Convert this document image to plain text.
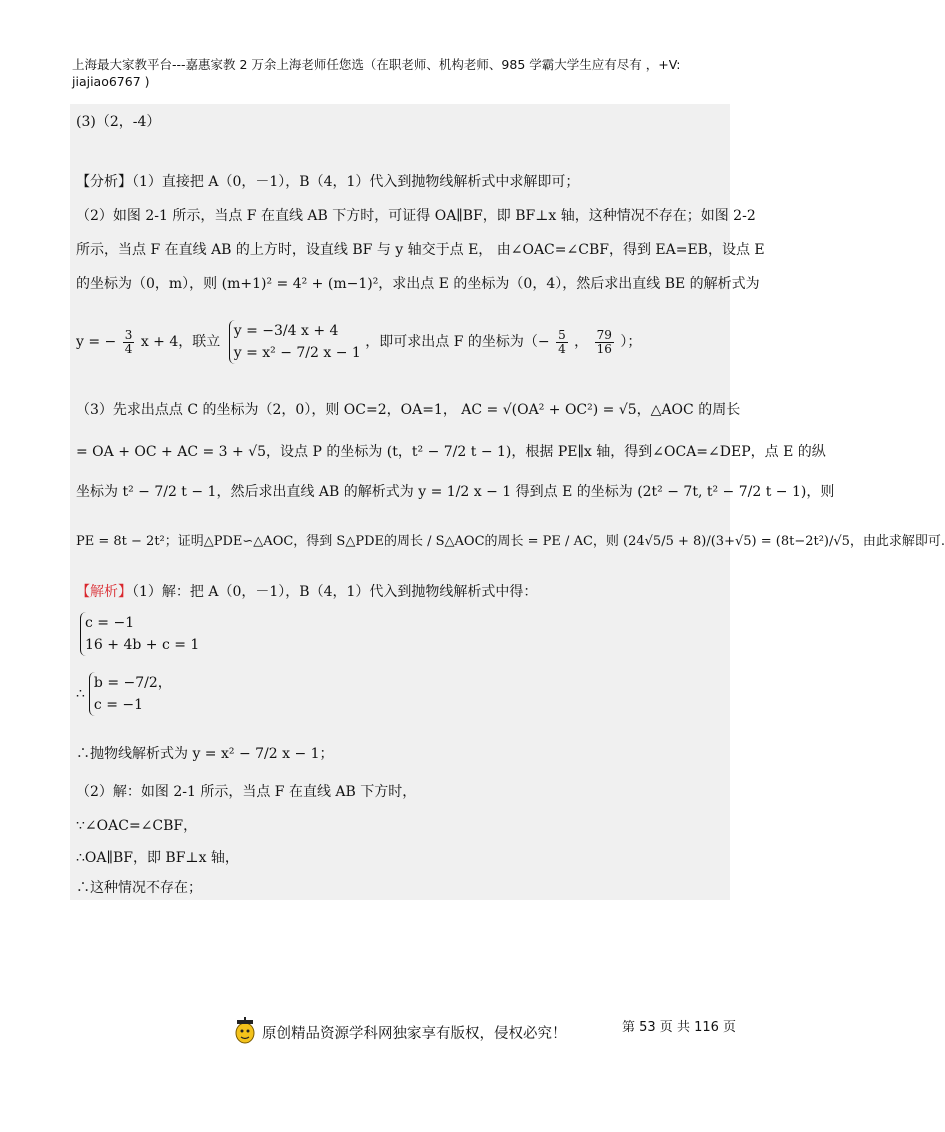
上海最大家教平台---嘉惠家教 2 万余上海老师任您选（在职老师、机构老师、985 学霸大学生应有尽有 ，+V:
jiajiao6767 )
(3)（2，-4）
【分析】（1）直接把 A（0，－1），B（4，1）代入到抛物线解析式中求解即可；
（2）如图 2-1 所示，当点 F 在直线 AB 下方时，可证得 OA∥BF，即 BF⊥x 轴，这种情况不存在；如图 2-2
所示，当点 F 在直线 AB 的上方时，设直线 BF 与 y 轴交于点 E， 由∠OAC=∠CBF，得到 EA=EB，设点 E
的坐标为（0，m），则 (m+1)² = 4² + (m−1)²，求出点 E 的坐标为（0，4），然后求出直线 BE 的解析式为
y = − $\frac{3}{4}$ x + 4，联立
y = −3/4 x + 4
y = x² − 7/2 x − 1
，即可求出点 F 的坐标为（− $\frac{5}{4}$ ， $\frac{79}{16}$ ）；
（3）先求出点点 C 的坐标为（2，0），则 OC=2，OA=1， AC = √(OA² + OC²) = √5，△AOC 的周长
= OA + OC + AC = 3 + √5，设点 P 的坐标为 (t，t² − 7/2 t − 1)，根据 PE∥x 轴，得到∠OCA=∠DEP，点 E 的纵
坐标为 t² − 7/2 t − 1，然后求出直线 AB 的解析式为 y = 1/2 x − 1 得到点 E 的坐标为 (2t² − 7t, t² − 7/2 t − 1)，则
PE = 8t − 2t²；证明△PDE∽△AOC，得到 S△PDE的周长 / S△AOC的周长 = PE / AC，则 (24√5/5 + 8)/(3+√5) = (8t−2t²)/√5，由此求解即可.
【解析】（1）解：把 A（0，－1），B（4，1）代入到抛物线解析式中得：
c = −1
16 + 4b + c = 1
∴
b = −7/2，
c = −1
∴抛物线解析式为 y = x² − 7/2 x − 1；
（2）解：如图 2-1 所示，当点 F 在直线 AB 下方时，
∵∠OAC=∠CBF，
∴OA∥BF，即 BF⊥x 轴，
∴这种情况不存在；
原创精品资源学科网独家享有版权，侵权必究！	第 53 页 共 116 页
